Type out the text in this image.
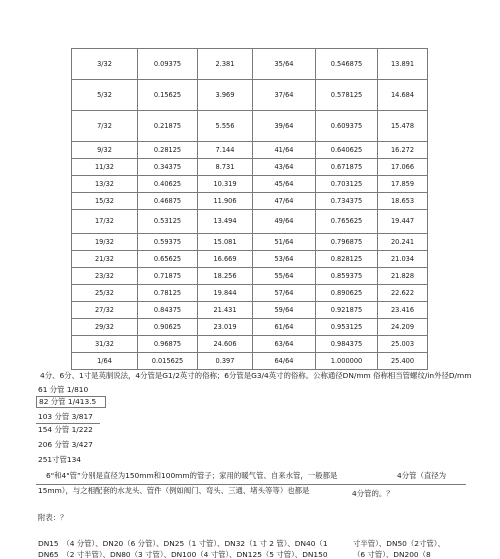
3/32	0.09375	2.381	35/64	0.546875	13.891
5/32	0.15625	3.969	37/64	0.578125	14.684
7/32	0.21875	5.556	39/64	0.609375	15.478
9/32	0.28125	7.144	41/64	0.640625	16.272
11/32	0.34375	8.731	43/64	0.671875	17.066
13/32	0.40625	10.319	45/64	0.703125	17.859
15/32	0.46875	11.906	47/64	0.734375	18.653
17/32	0.53125	13.494	49/64	0.765625	19.447
19/32	0.59375	15.081	51/64	0.796875	20.241
21/32	0.65625	16.669	53/64	0.828125	21.034
23/32	0.71875	18.256	55/64	0.859375	21.828
25/32	0.78125	19.844	57/64	0.890625	22.622
27/32	0.84375	21.431	59/64	0.921875	23.416
29/32	0.90625	23.019	61/64	0.953125	24.209
31/32	0.96875	24.606	63/64	0.984375	25.003
1/64	0.015625	0.397	64/64	1.000000	25.400
4分、6分、1寸是英制说法，4分管是G1/2英寸的俗称；6分管是G3/4英寸的俗称。公称通径DN/mm 俗称相当管螺纹/in外径D/mm
61 分管 1/810
82 分管 1/413.5
103 分管 3/817
154 分管 1/222
206 分管 3/427
251寸管134
6"和4"管”分别是直径为150mm和100mm的管子；家用的暖气管、自来水管，一般都是	4分管（直径为
15mm），与之相配套的水龙头、管件（例如阀门、弯头、三通、堵头等等）也都是	4分管的。？
附表：？
DN15　（4 分管）、DN20（6 分管）、DN25（1 寸管）、DN32（1 寸 2 管）、DN40（1	寸半管）、DN50（2寸管）、
DN65　（2 寸半管）、DN80（3 寸管）、DN100（4 寸管）、DN125（5 寸管）、DN150	（6 寸管）、DN200（8
